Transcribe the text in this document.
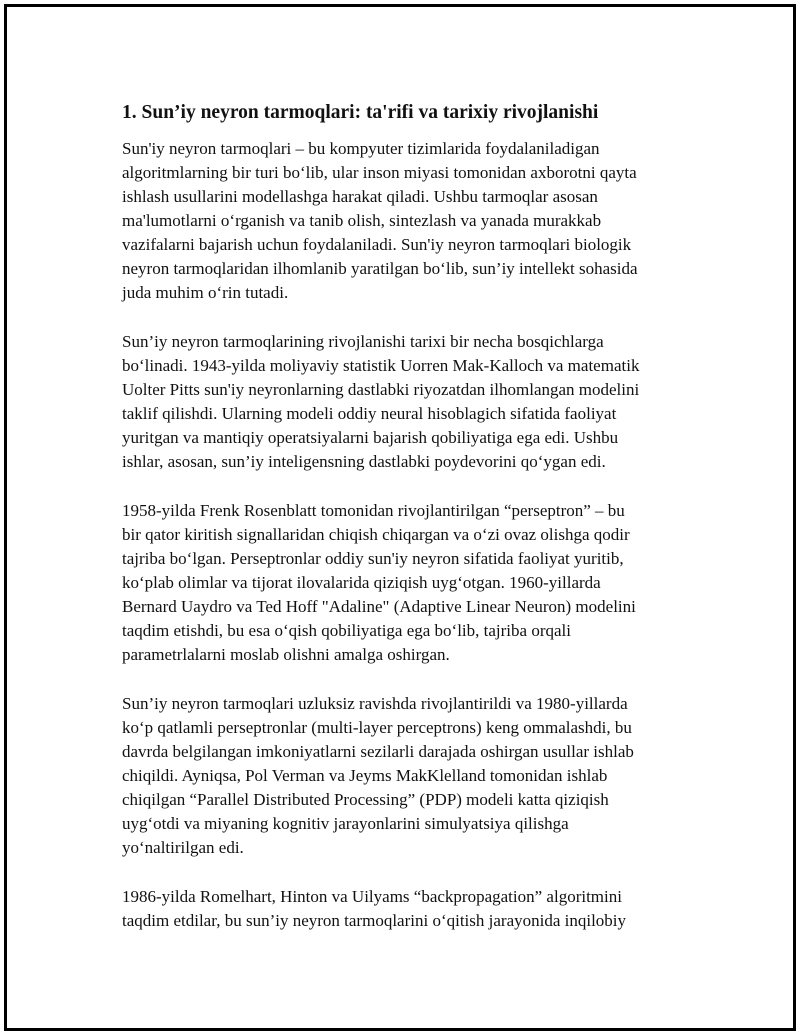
1. Sun’iy neyron tarmoqlari: ta'rifi va tarixiy rivojlanishi

Sun'iy neyron tarmoqlari – bu kompyuter tizimlarida foydalaniladigan
algoritmlarning bir turi bo‘lib, ular inson miyasi tomonidan axborotni qayta
ishlash usullarini modellashga harakat qiladi. Ushbu tarmoqlar asosan
ma'lumotlarni o‘rganish va tanib olish, sintezlash va yanada murakkab
vazifalarni bajarish uchun foydalaniladi. Sun'iy neyron tarmoqlari biologik
neyron tarmoqlaridan ilhomlanib yaratilgan bo‘lib, sun’iy intellekt sohasida
juda muhim o‘rin tutadi.

Sun’iy neyron tarmoqlarining rivojlanishi tarixi bir necha bosqichlarga
bo‘linadi. 1943-yilda moliyaviy statistik Uorren Mak-Kalloch va matematik
Uolter Pitts sun'iy neyronlarning dastlabki riyozatdan ilhomlangan modelini
taklif qilishdi. Ularning modeli oddiy neural hisoblagich sifatida faoliyat
yuritgan va mantiqiy operatsiyalarni bajarish qobiliyatiga ega edi. Ushbu
ishlar, asosan, sun’iy inteligensning dastlabki poydevorini qo‘ygan edi.

1958-yilda Frenk Rosenblatt tomonidan rivojlantirilgan “perseptron” – bu
bir qator kiritish signallaridan chiqish chiqargan va o‘zi ovaz olishga qodir
tajriba bo‘lgan. Perseptronlar oddiy sun'iy neyron sifatida faoliyat yuritib,
ko‘plab olimlar va tijorat ilovalarida qiziqish uyg‘otgan. 1960-yillarda
Bernard Uaydro va Ted Hoff "Adaline" (Adaptive Linear Neuron) modelini
taqdim etishdi, bu esa o‘qish qobiliyatiga ega bo‘lib, tajriba orqali
parametrlalarni moslab olishni amalga oshirgan.

Sun’iy neyron tarmoqlari uzluksiz ravishda rivojlantirildi va 1980-yillarda
ko‘p qatlamli perseptronlar (multi-layer perceptrons) keng ommalashdi, bu
davrda belgilangan imkoniyatlarni sezilarli darajada oshirgan usullar ishlab
chiqildi. Ayniqsa, Pol Verman va Jeyms MakKlelland tomonidan ishlab
chiqilgan “Parallel Distributed Processing” (PDP) modeli katta qiziqish
uyg‘otdi va miyaning kognitiv jarayonlarini simulyatsiya qilishga
yo‘naltirilgan edi.

1986-yilda Romelhart, Hinton va Uilyams “backpropagation” algoritmini
taqdim etdilar, bu sun’iy neyron tarmoqlarini o‘qitish jarayonida inqilobiy
